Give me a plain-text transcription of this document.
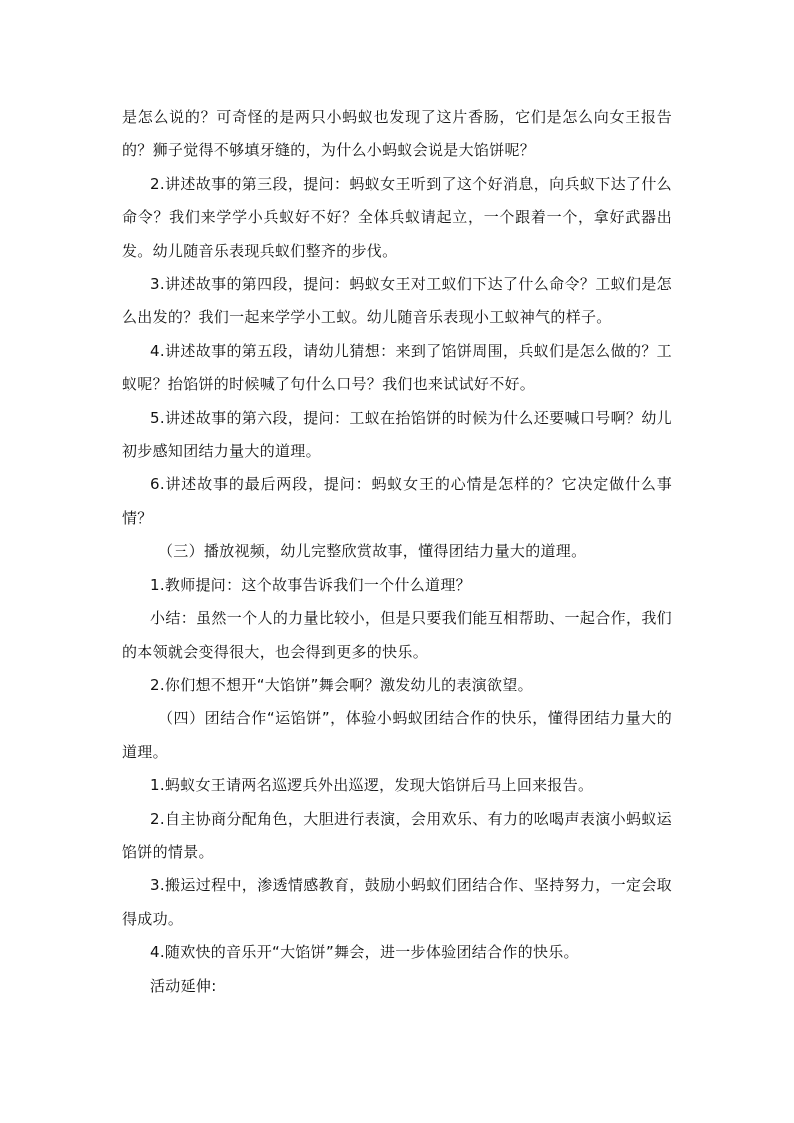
是怎么说的？可奇怪的是两只小蚂蚁也发现了这片香肠，它们是怎么向女王报告的？狮子觉得不够填牙缝的，为什么小蚂蚁会说是大馅饼呢？

2.讲述故事的第三段，提问：蚂蚁女王听到了这个好消息，向兵蚁下达了什么命令？我们来学学小兵蚁好不好？全体兵蚁请起立，一个跟着一个，拿好武器出发。幼儿随音乐表现兵蚁们整齐的步伐。

3.讲述故事的第四段，提问：蚂蚁女王对工蚁们下达了什么命令？工蚁们是怎么出发的？我们一起来学学小工蚁。幼儿随音乐表现小工蚁神气的样子。

4.讲述故事的第五段，请幼儿猜想：来到了馅饼周围，兵蚁们是怎么做的？工蚁呢？抬馅饼的时候喊了句什么口号？我们也来试试好不好。

5.讲述故事的第六段，提问：工蚁在抬馅饼的时候为什么还要喊口号啊？幼儿初步感知团结力量大的道理。

6.讲述故事的最后两段，提问：蚂蚁女王的心情是怎样的？它决定做什么事情？

（三）播放视频，幼儿完整欣赏故事，懂得团结力量大的道理。

1.教师提问：这个故事告诉我们一个什么道理？

小结：虽然一个人的力量比较小，但是只要我们能互相帮助、一起合作，我们的本领就会变得很大，也会得到更多的快乐。

2.你们想不想开“大馅饼”舞会啊？激发幼儿的表演欲望。

（四）团结合作“运馅饼”，体验小蚂蚁团结合作的快乐，懂得团结力量大的道理。

1.蚂蚁女王请两名巡逻兵外出巡逻，发现大馅饼后马上回来报告。

2.自主协商分配角色，大胆进行表演，会用欢乐、有力的吆喝声表演小蚂蚁运馅饼的情景。

3.搬运过程中，渗透情感教育，鼓励小蚂蚁们团结合作、坚持努力，一定会取得成功。

4.随欢快的音乐开“大馅饼”舞会，进一步体验团结合作的快乐。

活动延伸:
